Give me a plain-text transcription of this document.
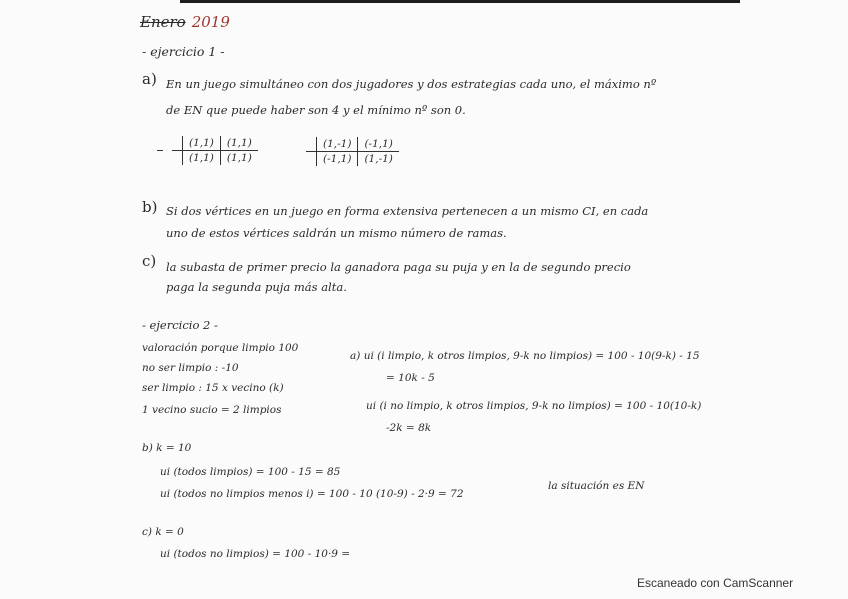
Enero 2019
- ejercicio 1 -
a) En un juego simultáneo con dos jugadores y dos estrategias cada uno, el máximo nº
de EN que puede haber son 4 y el mínimo nº son 0.
	(1,1)	(1,1)
	(1,1)	(1,1)
	(1,-1)	(-1,1)
	(-1,1)	(1,-1)
b) Si dos vértices en un juego en forma extensiva pertenecen a un mismo CI, en cada
uno de estos vértices saldrán un mismo número de ramas.
c) la subasta de primer precio la ganadora paga su puja y en la de segundo precio
paga la segunda puja más alta.
- ejercicio 2 -
valoración porque limpio 100
no ser limpio : -10
ser limpio : 15 x vecino (k)
1 vecino sucio = 2 limpios
a) ui (i limpio, k otros limpios, 9-k no limpios) = 100 - 10(9-k) - 15
= 10k - 5
ui (i no limpio, k otros limpios, 9-k no limpios) = 100 - 10(10-k)
-2k = 8k
b) k = 10
ui (todos limpios) = 100 - 15 = 85
ui (todos no limpios menos i) = 100 - 10 (10-9) - 2·9 = 72
la situación es EN
c) k = 0
ui (todos no limpios) = 100 - 10·9 =
Escaneado con CamScanner
